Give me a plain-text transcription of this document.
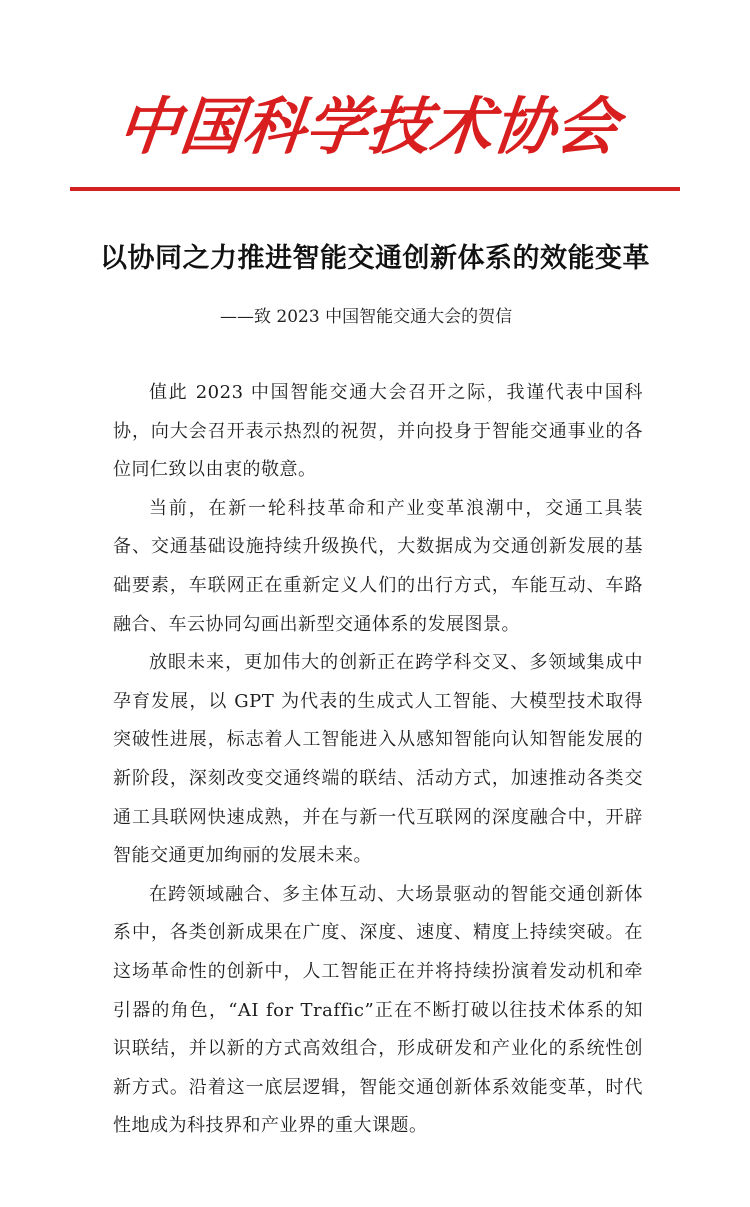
中
国
科
学
技
术
协
会
以协同之力推进智能交通创新体系的效能变革
——致 2023 中国智能交通大会的贺信

值此 2023 中国智能交通大会召开之际，我谨代表中国科协，向大会召开表示热烈的祝贺，并向投身于智能交通事业的各位同仁致以由衷的敬意。

当前，在新一轮科技革命和产业变革浪潮中，交通工具装备、交通基础设施持续升级换代，大数据成为交通创新发展的基础要素，车联网正在重新定义人们的出行方式，车能互动、车路融合、车云协同勾画出新型交通体系的发展图景。

放眼未来，更加伟大的创新正在跨学科交叉、多领域集成中孕育发展，以 GPT 为代表的生成式人工智能、大模型技术取得突破性进展，标志着人工智能进入从感知智能向认知智能发展的新阶段，深刻改变交通终端的联结、活动方式，加速推动各类交通工具联网快速成熟，并在与新一代互联网的深度融合中，开辟智能交通更加绚丽的发展未来。

在跨领域融合、多主体互动、大场景驱动的智能交通创新体系中，各类创新成果在广度、深度、速度、精度上持续突破。在这场革命性的创新中，人工智能正在并将持续扮演着发动机和牵引器的角色，“AI for Traffic”正在不断打破以往技术体系的知识联结，并以新的方式高效组合，形成研发和产业化的系统性创新方式。沿着这一底层逻辑，智能交通创新体系效能变革，时代性地成为科技界和产业界的重大课题。
